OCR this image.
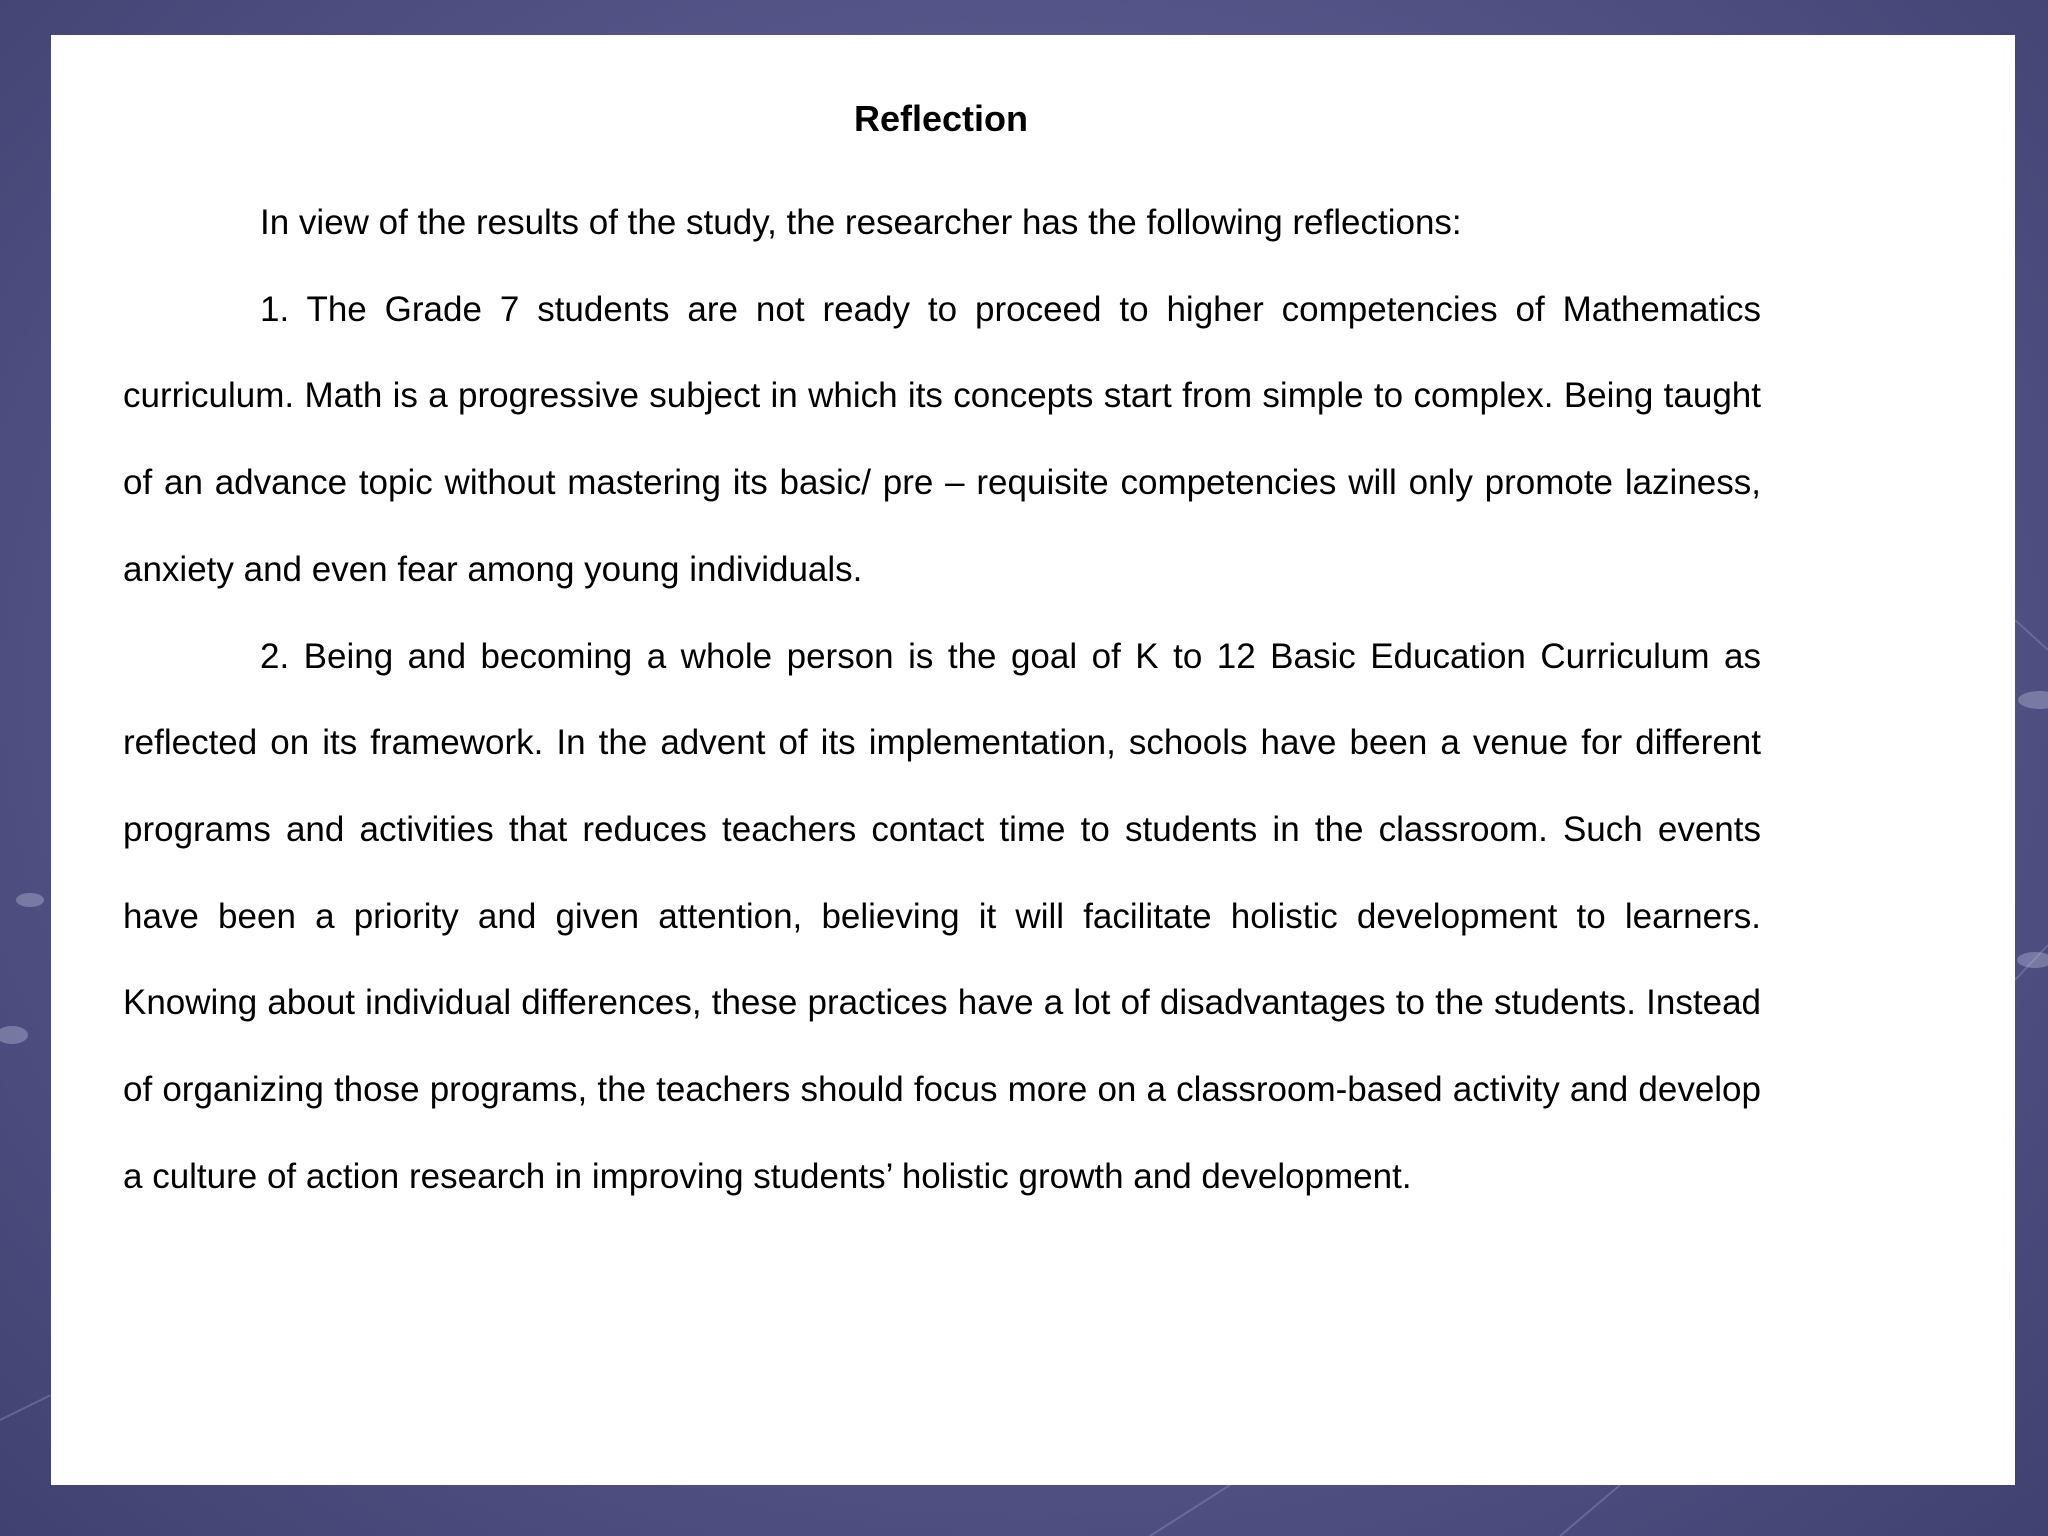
Reflection

In view of the results of the study, the researcher has the following reflections:

1. The Grade 7 students are not ready to proceed to higher competencies of Mathematics curriculum. Math is a progressive subject in which its concepts start from simple to complex. Being taught of an advance topic without mastering its basic/ pre – requisite competencies will only promote laziness, anxiety and even fear among young individuals.

2. Being and becoming a whole person is the goal of K to 12 Basic Education Curriculum as reflected on its framework. In the advent of its implementation, schools have been a venue for different programs and activities that reduces teachers contact time to students in the classroom. Such events have been a priority and given attention, believing it will facilitate holistic development to learners. Knowing about individual differences, these practices have a lot of disadvantages to the students. Instead of organizing those programs, the teachers should focus more on a classroom-based activity and develop a culture of action research in improving students’ holistic growth and development.
